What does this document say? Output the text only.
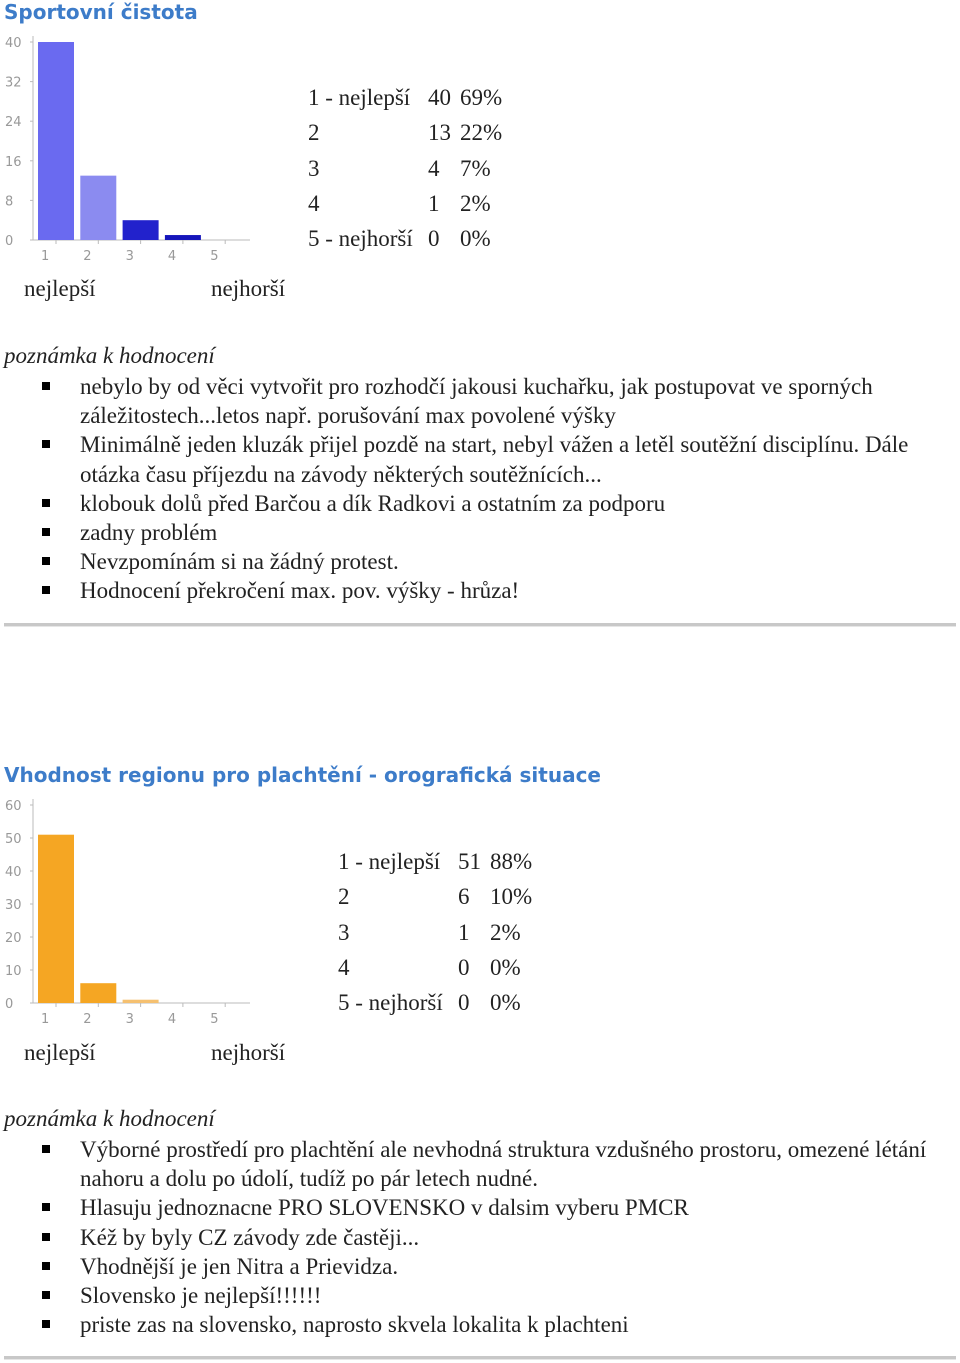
Sportovní čistota
0
8
16
24
32
40
1	2	3	4	5
1 - nejlepší 40 69%
2	13 22%
3	4 7%
4	1 2%
5 - nejhorší 0 0%
nejlepší	nejhorší
poznámka k hodnocení
nebylo by od věci vytvořit pro rozhodčí jakousi kuchařku, jak postupovat ve sporných záležitostech...letos např. porušování max povolené výšky
Minimálně jeden kluzák přijel pozdě na start, nebyl vážen a letěl soutěžní disciplínu. Dále otázka času příjezdu na závody některých soutěžnících...
klobouk dolů před Barčou a dík Radkovi a ostatním za podporu
zadny problém
Nevzpomínám si na žádný protest.
Hodnocení překročení max. pov. výšky - hrůza!
Vhodnost regionu pro plachtění - orografická situace
0
10
20
30
40
50
60
1	2	3	4	5
1 - nejlepší 51 88%
2	6 10%
3	1 2%
4	0 0%
5 - nejhorší 0 0%
nejlepší	nejhorší
poznámka k hodnocení
Výborné prostředí pro plachtění ale nevhodná struktura vzdušného prostoru, omezené létání nahoru a dolu po údolí, tudíž po pár letech nudné.
Hlasuju jednoznacne PRO SLOVENSKO v dalsim vyberu PMCR
Kéž by byly CZ závody zde častěji...
Vhodnější je jen Nitra a Prievidza.
Slovensko je nejlepší!!!!!!
priste zas na slovensko, naprosto skvela lokalita k plachteni
